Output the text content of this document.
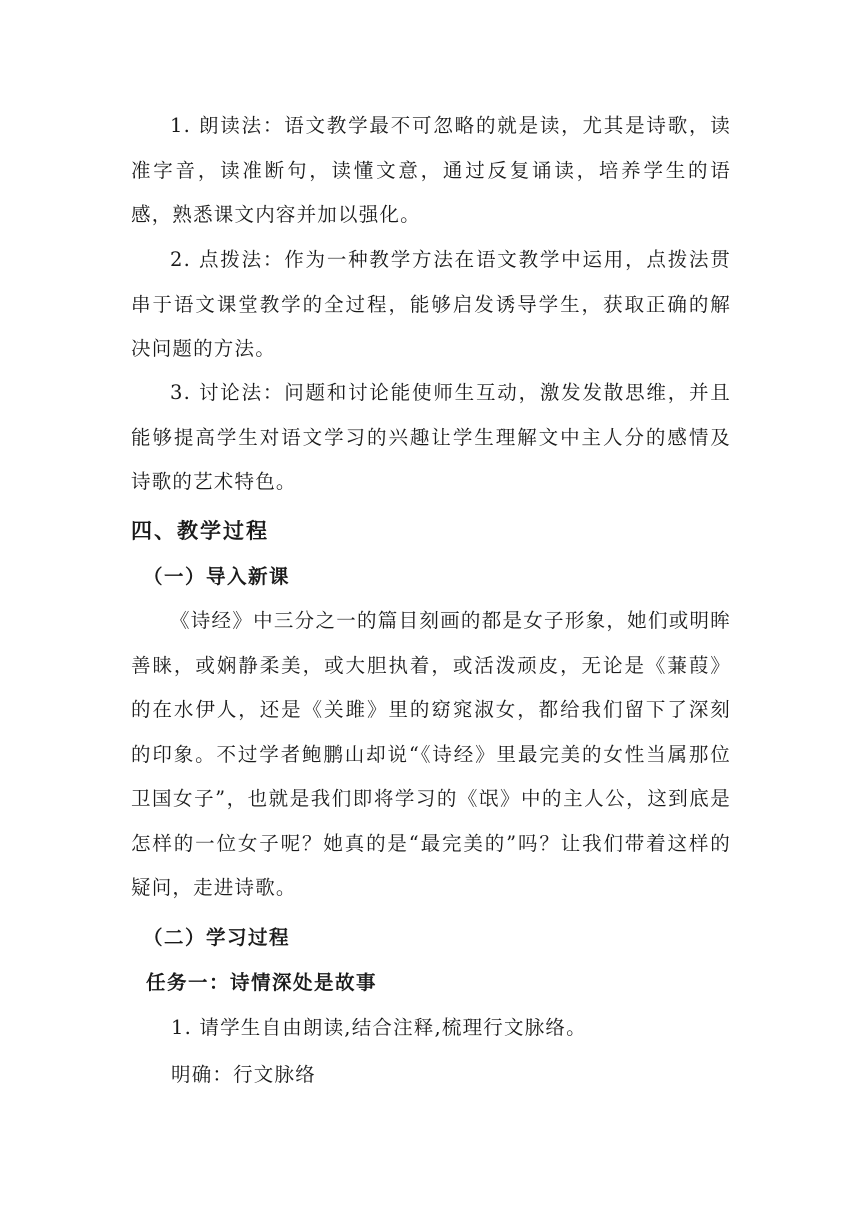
1. 朗读法：语文教学最不可忽略的就是读，尤其是诗歌，读准字音，读准断句，读懂文意，通过反复诵读，培养学生的语感，熟悉课文内容并加以强化。

2. 点拨法：作为一种教学方法在语文教学中运用，点拨法贯串于语文课堂教学的全过程，能够启发诱导学生，获取正确的解决问题的方法。

3. 讨论法：问题和讨论能使师生互动，激发发散思维，并且能够提高学生对语文学习的兴趣让学生理解文中主人分的感情及诗歌的艺术特色。

四、教学过程
（一）导入新课

《诗经》中三分之一的篇目刻画的都是女子形象，她们或明眸善睐，或娴静柔美，或大胆执着，或活泼顽皮，无论是《蒹葭》的在水伊人，还是《关雎》里的窈窕淑女，都给我们留下了深刻的印象。不过学者鲍鹏山却说“《诗经》里最完美的女性当属那位卫国女子”，也就是我们即将学习的《氓》中的主人公，这到底是怎样的一位女子呢？她真的是“最完美的”吗？让我们带着这样的疑问，走进诗歌。

（二）学习过程
任务一：诗情深处是故事
1. 请学生自由朗读,结合注释,梳理行文脉络。
明确：行文脉络
